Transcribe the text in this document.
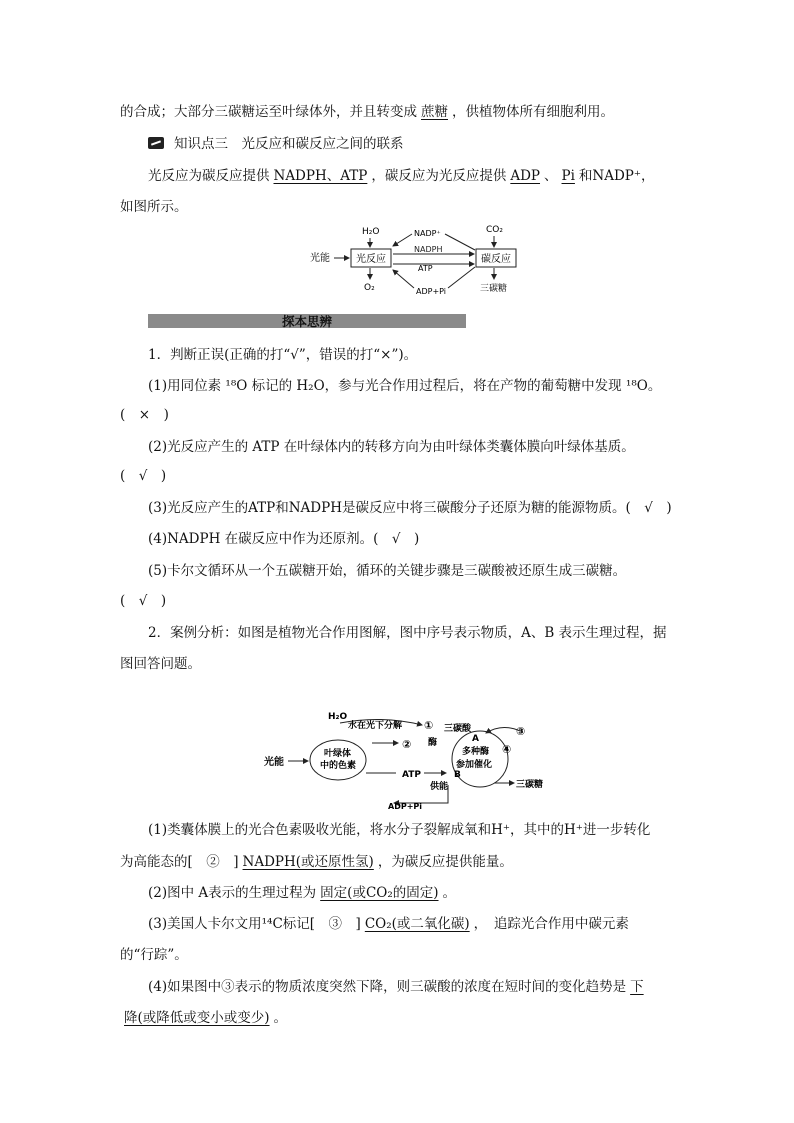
的合成；大部分三碳糖运至叶绿体外，并且转变成 蔗糖 ，供植物体所有细胞利用。
知识点三　光反应和碳反应之间的联系
光反应为碳反应提供 NADPH、ATP ，碳反应为光反应提供 ADP 、 Pi 和NADP⁺，
如图所示。
H₂O	CO₂
光能	光反应	碳反应
NADP⁺
NADPH
ATP
ADP+Pi
O₂	三碳糖
探本思辨
1．判断正误(正确的打“√”，错误的打“×”)。
(1)用同位素 ¹⁸O 标记的 H₂O，参与光合作用过程后，将在产物的葡萄糖中发现 ¹⁸O。
(　×　)
(2)光反应产生的 ATP 在叶绿体内的转移方向为由叶绿体类囊体膜向叶绿体基质。
(　√　)
(3)光反应产生的ATP和NADPH是碳反应中将三碳酸分子还原为糖的能源物质。(　√　)
(4)NADPH 在碳反应中作为还原剂。(　√　)
(5)卡尔文循环从一个五碳糖开始，循环的关键步骤是三碳酸被还原生成三碳糖。
(　√　)
2．案例分析：如图是植物光合作用图解，图中序号表示物质，A、B 表示生理过程，据
图回答问题。
H₂O
水在光下分解 ①
酶
②
光能
叶绿体
中的色素
ATP
供能
ADP+Pi
三碳酸
A
多种酶
参加催化
④
B
③
三碳糖
(1)类囊体膜上的光合色素吸收光能，将水分子裂解成氧和H⁺，其中的H⁺进一步转化
为高能态的[　②　] NADPH(或还原性氢) ，为碳反应提供能量。
(2)图中 A表示的生理过程为 固定(或CO₂的固定) 。
(3)美国人卡尔文用¹⁴C标记[　③　] CO₂(或二氧化碳) ，　追踪光合作用中碳元素
的“行踪”。
(4)如果图中③表示的物质浓度突然下降，则三碳酸的浓度在短时间的变化趋势是 下
降(或降低或变小或变少) 。
